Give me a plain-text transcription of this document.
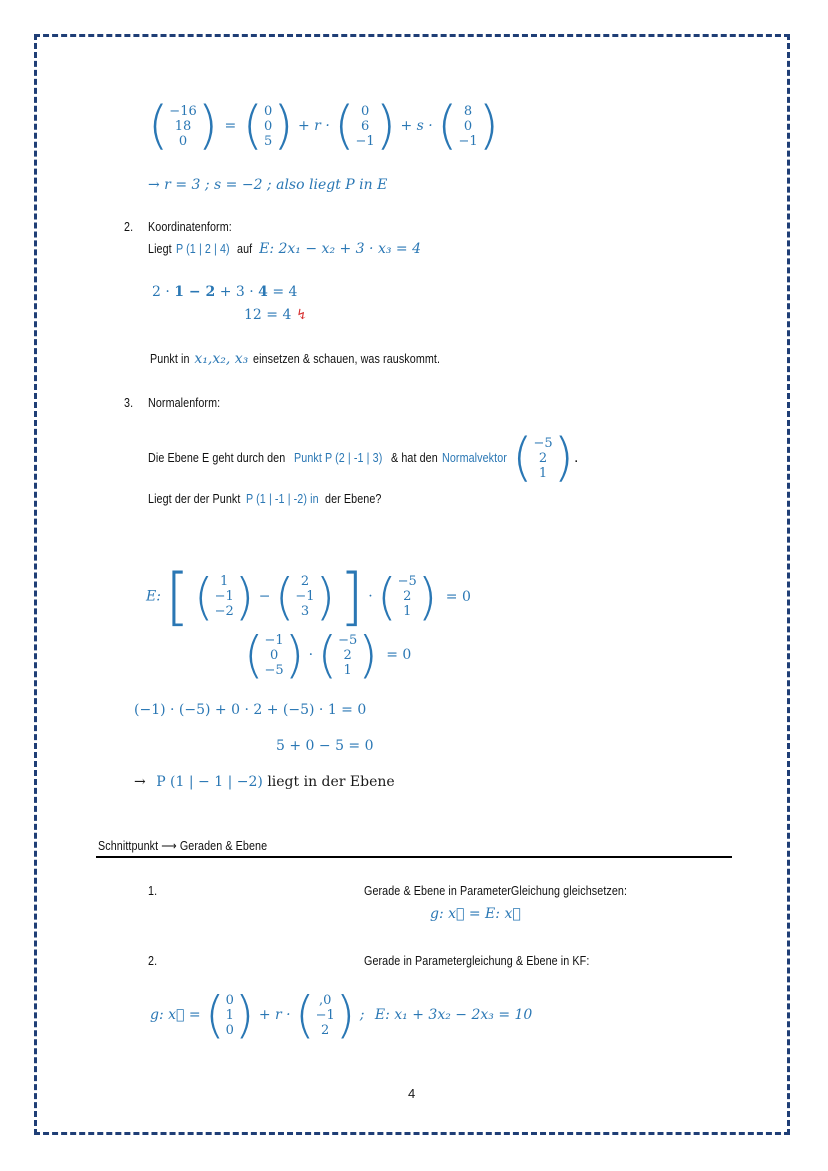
( −16
18
0 ) = ( 0
0
5 ) + r · ( 0
6
−1 ) + s · ( 8
0
−1 )
→ r = 3 ; s = −2 ; also liegt P in E
2. Koordinatenform:
Liegt P (1 | 2 | 4) auf E: 2x₁ − x₂ + 3 · x₃ = 4
2 · 1 − 2 + 3 · 4 = 4
12 = 4 ↯
Punkt in x₁,x₂, x₃ einsetzen & schauen, was rauskommt.
3. Normalenform:
Die Ebene E geht durch den Punkt P (2 | -1 | 3) & hat den Normalvektor ( −5
2
1 ) .
Liegt der der Punkt P (1 | -1 | -2) in der Ebene?
E: [ ( 1
−1
−2 ) − ( 2
−1
3 ) ] · ( −5
2
1 ) = 0
( −1
0
−5 ) · ( −5
2
1 ) = 0
(−1) · (−5) + 0 · 2 + (−5) · 1 = 0
5 + 0 − 5 = 0
→ P (1 | − 1 | −2) liegt in der Ebene
Schnittpunkt ⟶ Geraden & Ebene
1.	Gerade & Ebene in ParameterGleichung gleichsetzen:
g: x⃗ = E: x⃗
2.	Gerade in Parametergleichung & Ebene in KF:
g: x⃗ = ( 0
1
0 ) + r · ( ,0
−1
2 ) ; E: x₁ + 3x₂ − 2x₃ = 10
4
